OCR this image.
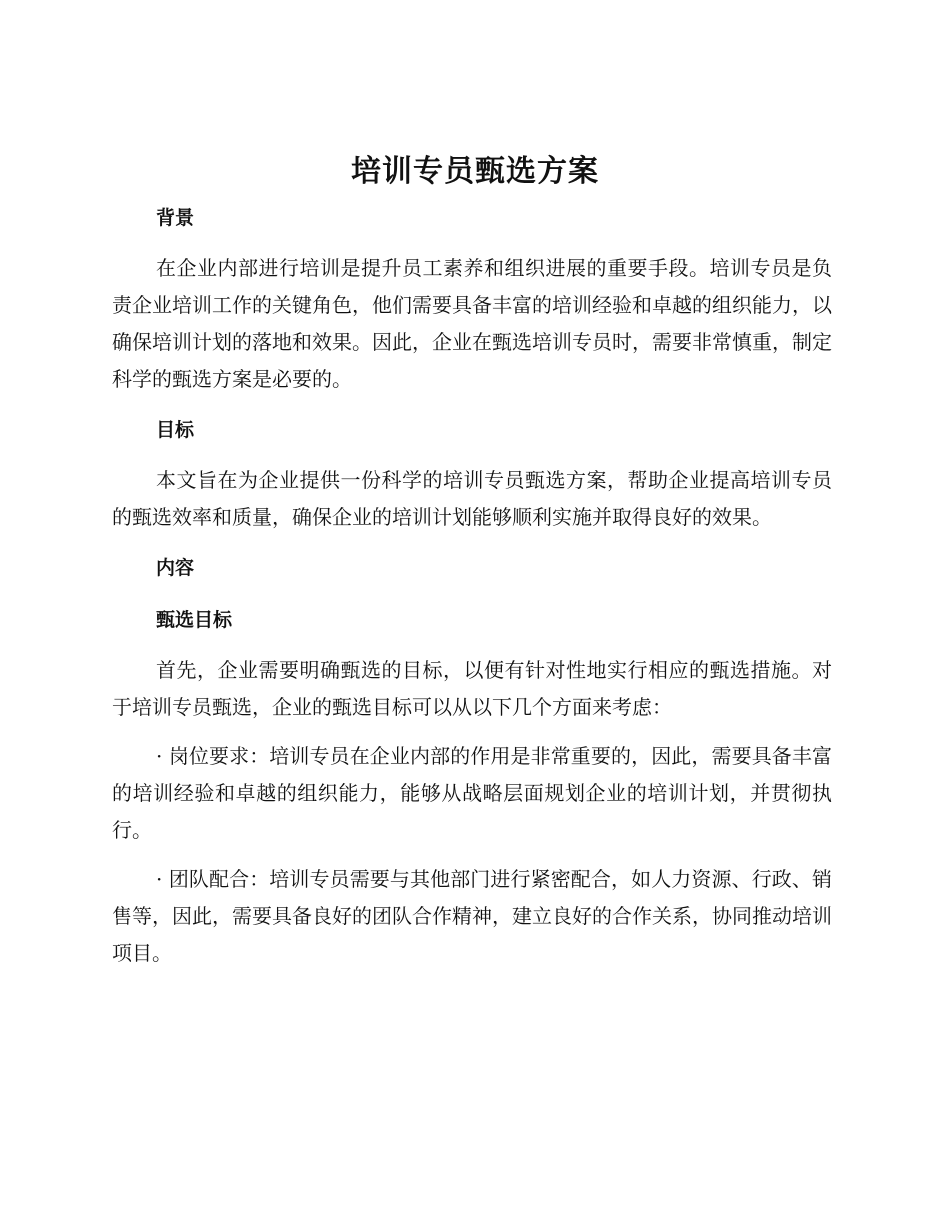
培训专员甄选方案
背景

在企业内部进行培训是提升员工素养和组织进展的重要手段。培训专员是负责企业培训工作的关键角色，他们需要具备丰富的培训经验和卓越的组织能力，以确保培训计划的落地和效果。因此，企业在甄选培训专员时，需要非常慎重，制定科学的甄选方案是必要的。

目标

本文旨在为企业提供一份科学的培训专员甄选方案，帮助企业提高培训专员的甄选效率和质量，确保企业的培训计划能够顺利实施并取得良好的效果。

内容
甄选目标

首先，企业需要明确甄选的目标，以便有针对性地实行相应的甄选措施。对于培训专员甄选，企业的甄选目标可以从以下几个方面来考虑：

· 岗位要求：培训专员在企业内部的作用是非常重要的，因此，需要具备丰富的培训经验和卓越的组织能力，能够从战略层面规划企业的培训计划，并贯彻执行。

· 团队配合：培训专员需要与其他部门进行紧密配合，如人力资源、行政、销售等，因此，需要具备良好的团队合作精神，建立良好的合作关系，协同推动培训项目。
